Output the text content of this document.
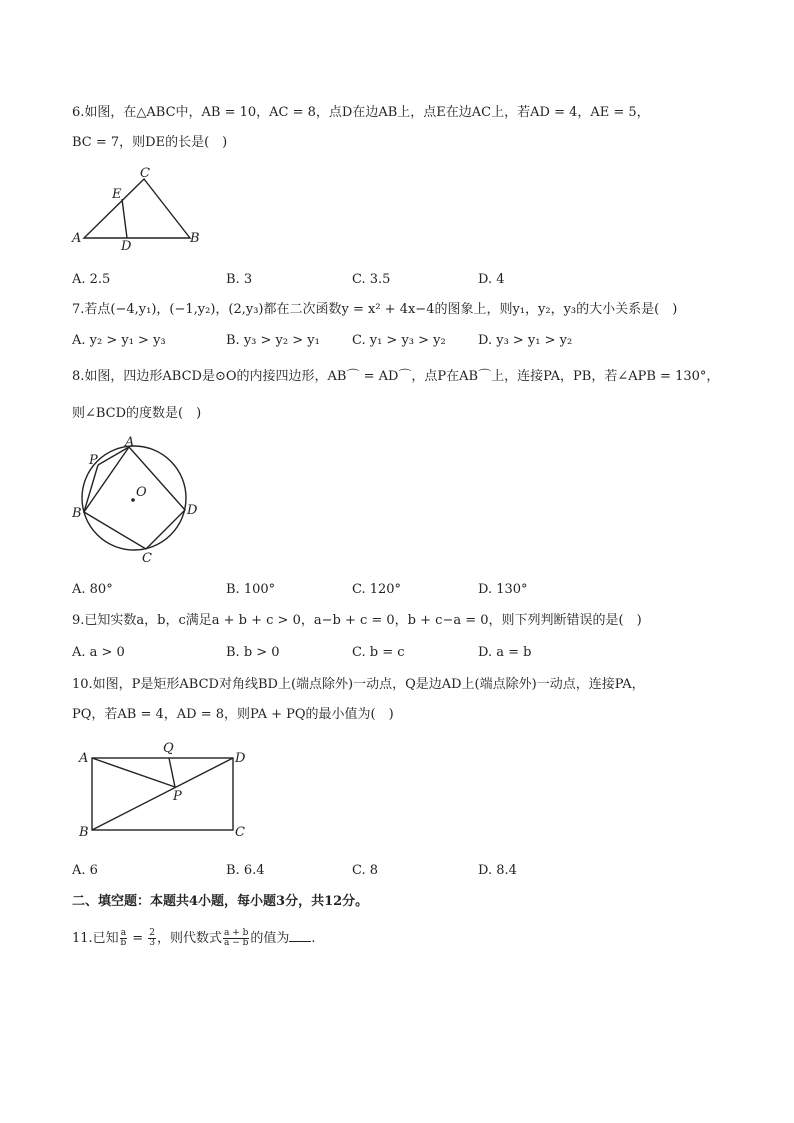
6.如图，在△ABC中，AB = 10，AC = 8，点D在边AB上，点E在边AC上，若AD = 4，AE = 5，
BC = 7，则DE的长是(　)
A	B
C
D
E
A. 2.5	B. 3	C. 3.5	D. 4
7.若点(−4,y₁)，(−1,y₂)，(2,y₃)都在二次函数y = x² + 4x−4的图象上，则y₁，y₂，y₃的大小关系是(　)
A. y₂ > y₁ > y₃	B. y₃ > y₂ > y₁ C. y₁ > y₃ > y₂ D. y₃ > y₁ > y₂
8.如图，四边形ABCD是⊙O的内接四边形，AB⌒ = AD⌒，点P在AB⌒上，连接PA，PB，若∠APB = 130°，
则∠BCD的度数是(　)
A
B
C
D
P
O
A. 80°	B. 100°	C. 120°	D. 130°
9.已知实数a，b，c满足a + b + c > 0，a−b + c = 0，b + c−a = 0，则下列判断错误的是(　)
A. a > 0	B. b > 0	C. b = c	D. a = b
10.如图，P是矩形ABCD对角线BD上(端点除外)一动点，Q是边AD上(端点除外)一动点，连接PA，
PQ，若AB = 4，AD = 8，则PA + PQ的最小值为(　)
A
B	C
D
P
Q
A. 6	B. 6.4	C. 8	D. 8.4
二、填空题：本题共4小题，每小题3分，共12分。
11.已知 $\frac{a}{b} = \frac{2}{3}$ ，则代数式 $\frac{a + b}{a - b}$ 的值为 .
